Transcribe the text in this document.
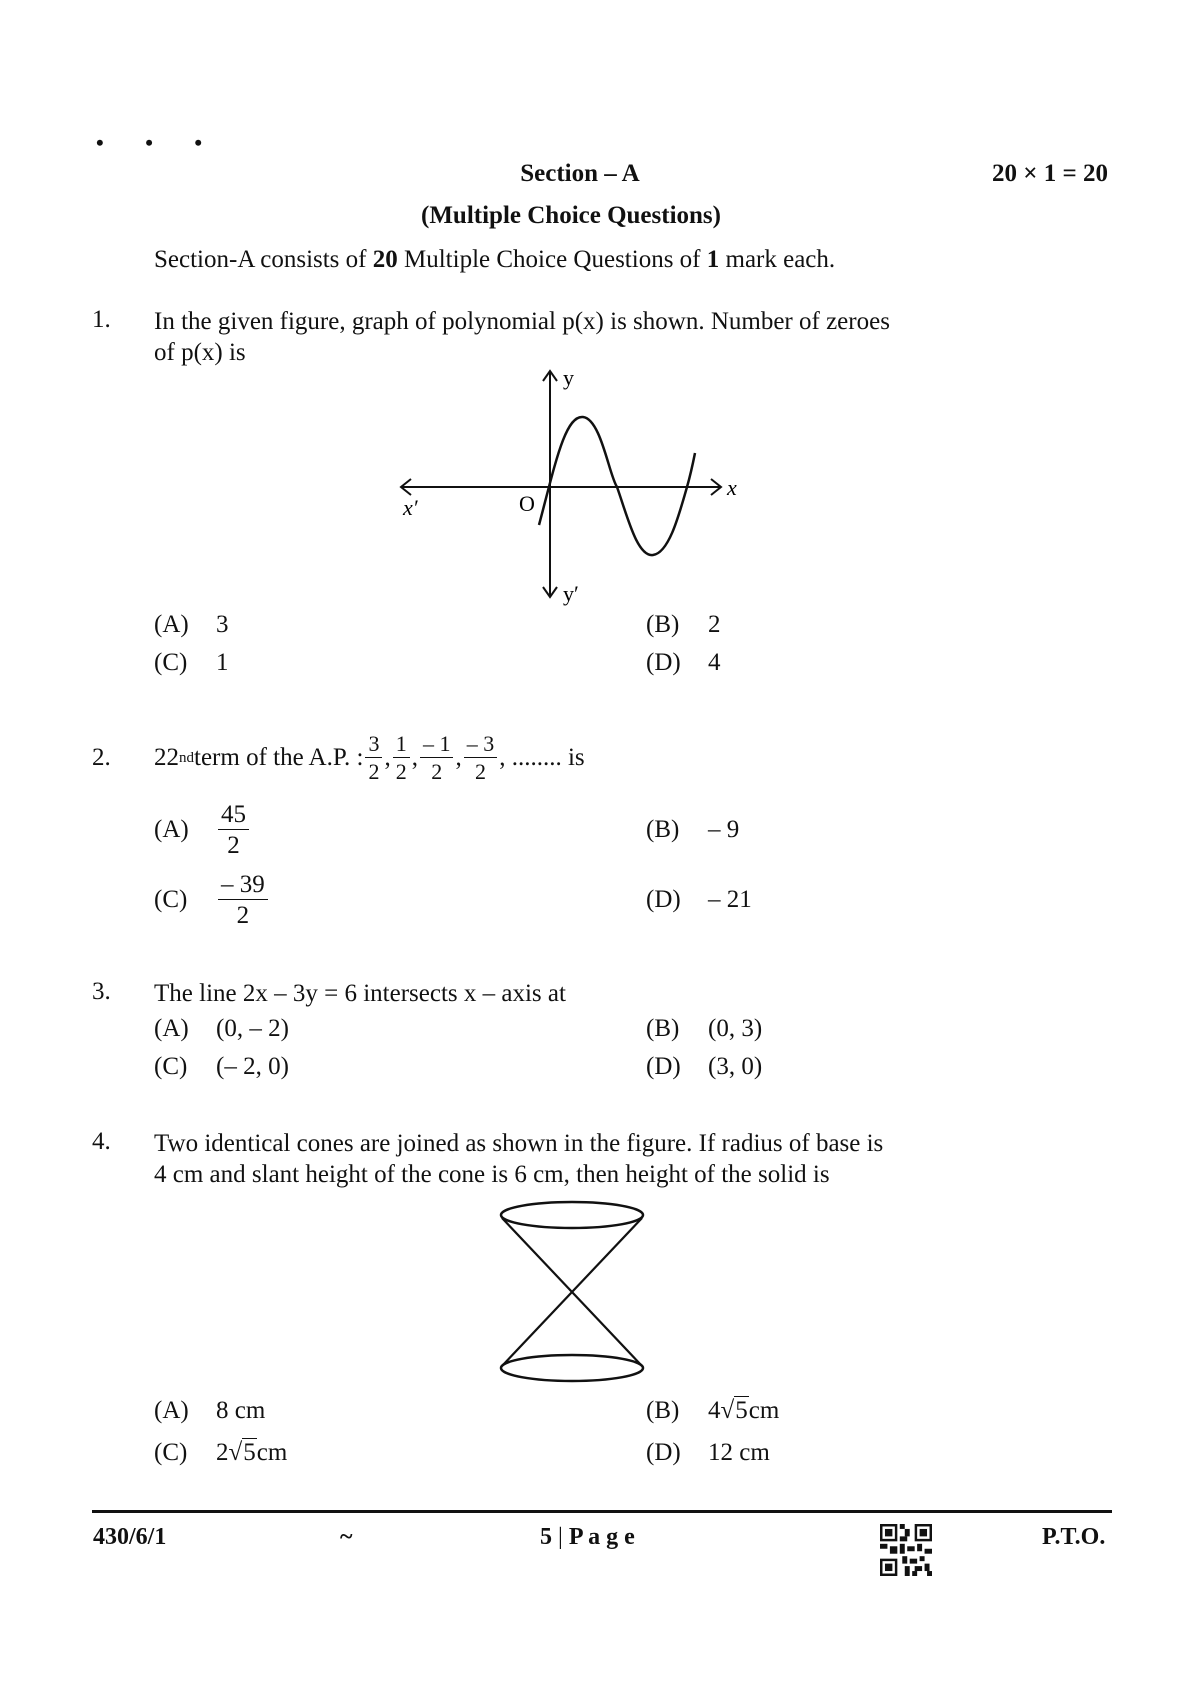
• • •
Section – A	20 × 1 = 20
(Multiple Choice Questions)
Section-A consists of 20 Multiple Choice Questions of 1 mark each.
1. In the given figure, graph of polynomial p(x) is shown. Number of zeroes
of p(x) is
y
y′
x
x′	O
(A)	3	(B)	2
(C)	1	(D)	4
2. 22 nd term of the A.P. : $\frac{3}{2}$ , $\frac{1}{2}$ , $\frac{- 1}{2}$ , $\frac{- 3}{2}$ , ........ is
(A)	$\frac{45}{2}$	(B)	– 9
(C)	$\frac{- 39}{2}$	(D)	– 21
3. The line 2x – 3y = 6 intersects x – axis at
(A)	(0, – 2)	(B)	(0, 3)
(C)	(– 2, 0)	(D)	(3, 0)
4. Two identical cones are joined as shown in the figure. If radius of base is
4 cm and slant height of the cone is 6 cm, then height of the solid is
(A)	8 cm	(B)	4 √5 cm
(C)	2 √5 cm	(D)	12 cm
430/6/1	~	5 | P a g e	P.T.O.
